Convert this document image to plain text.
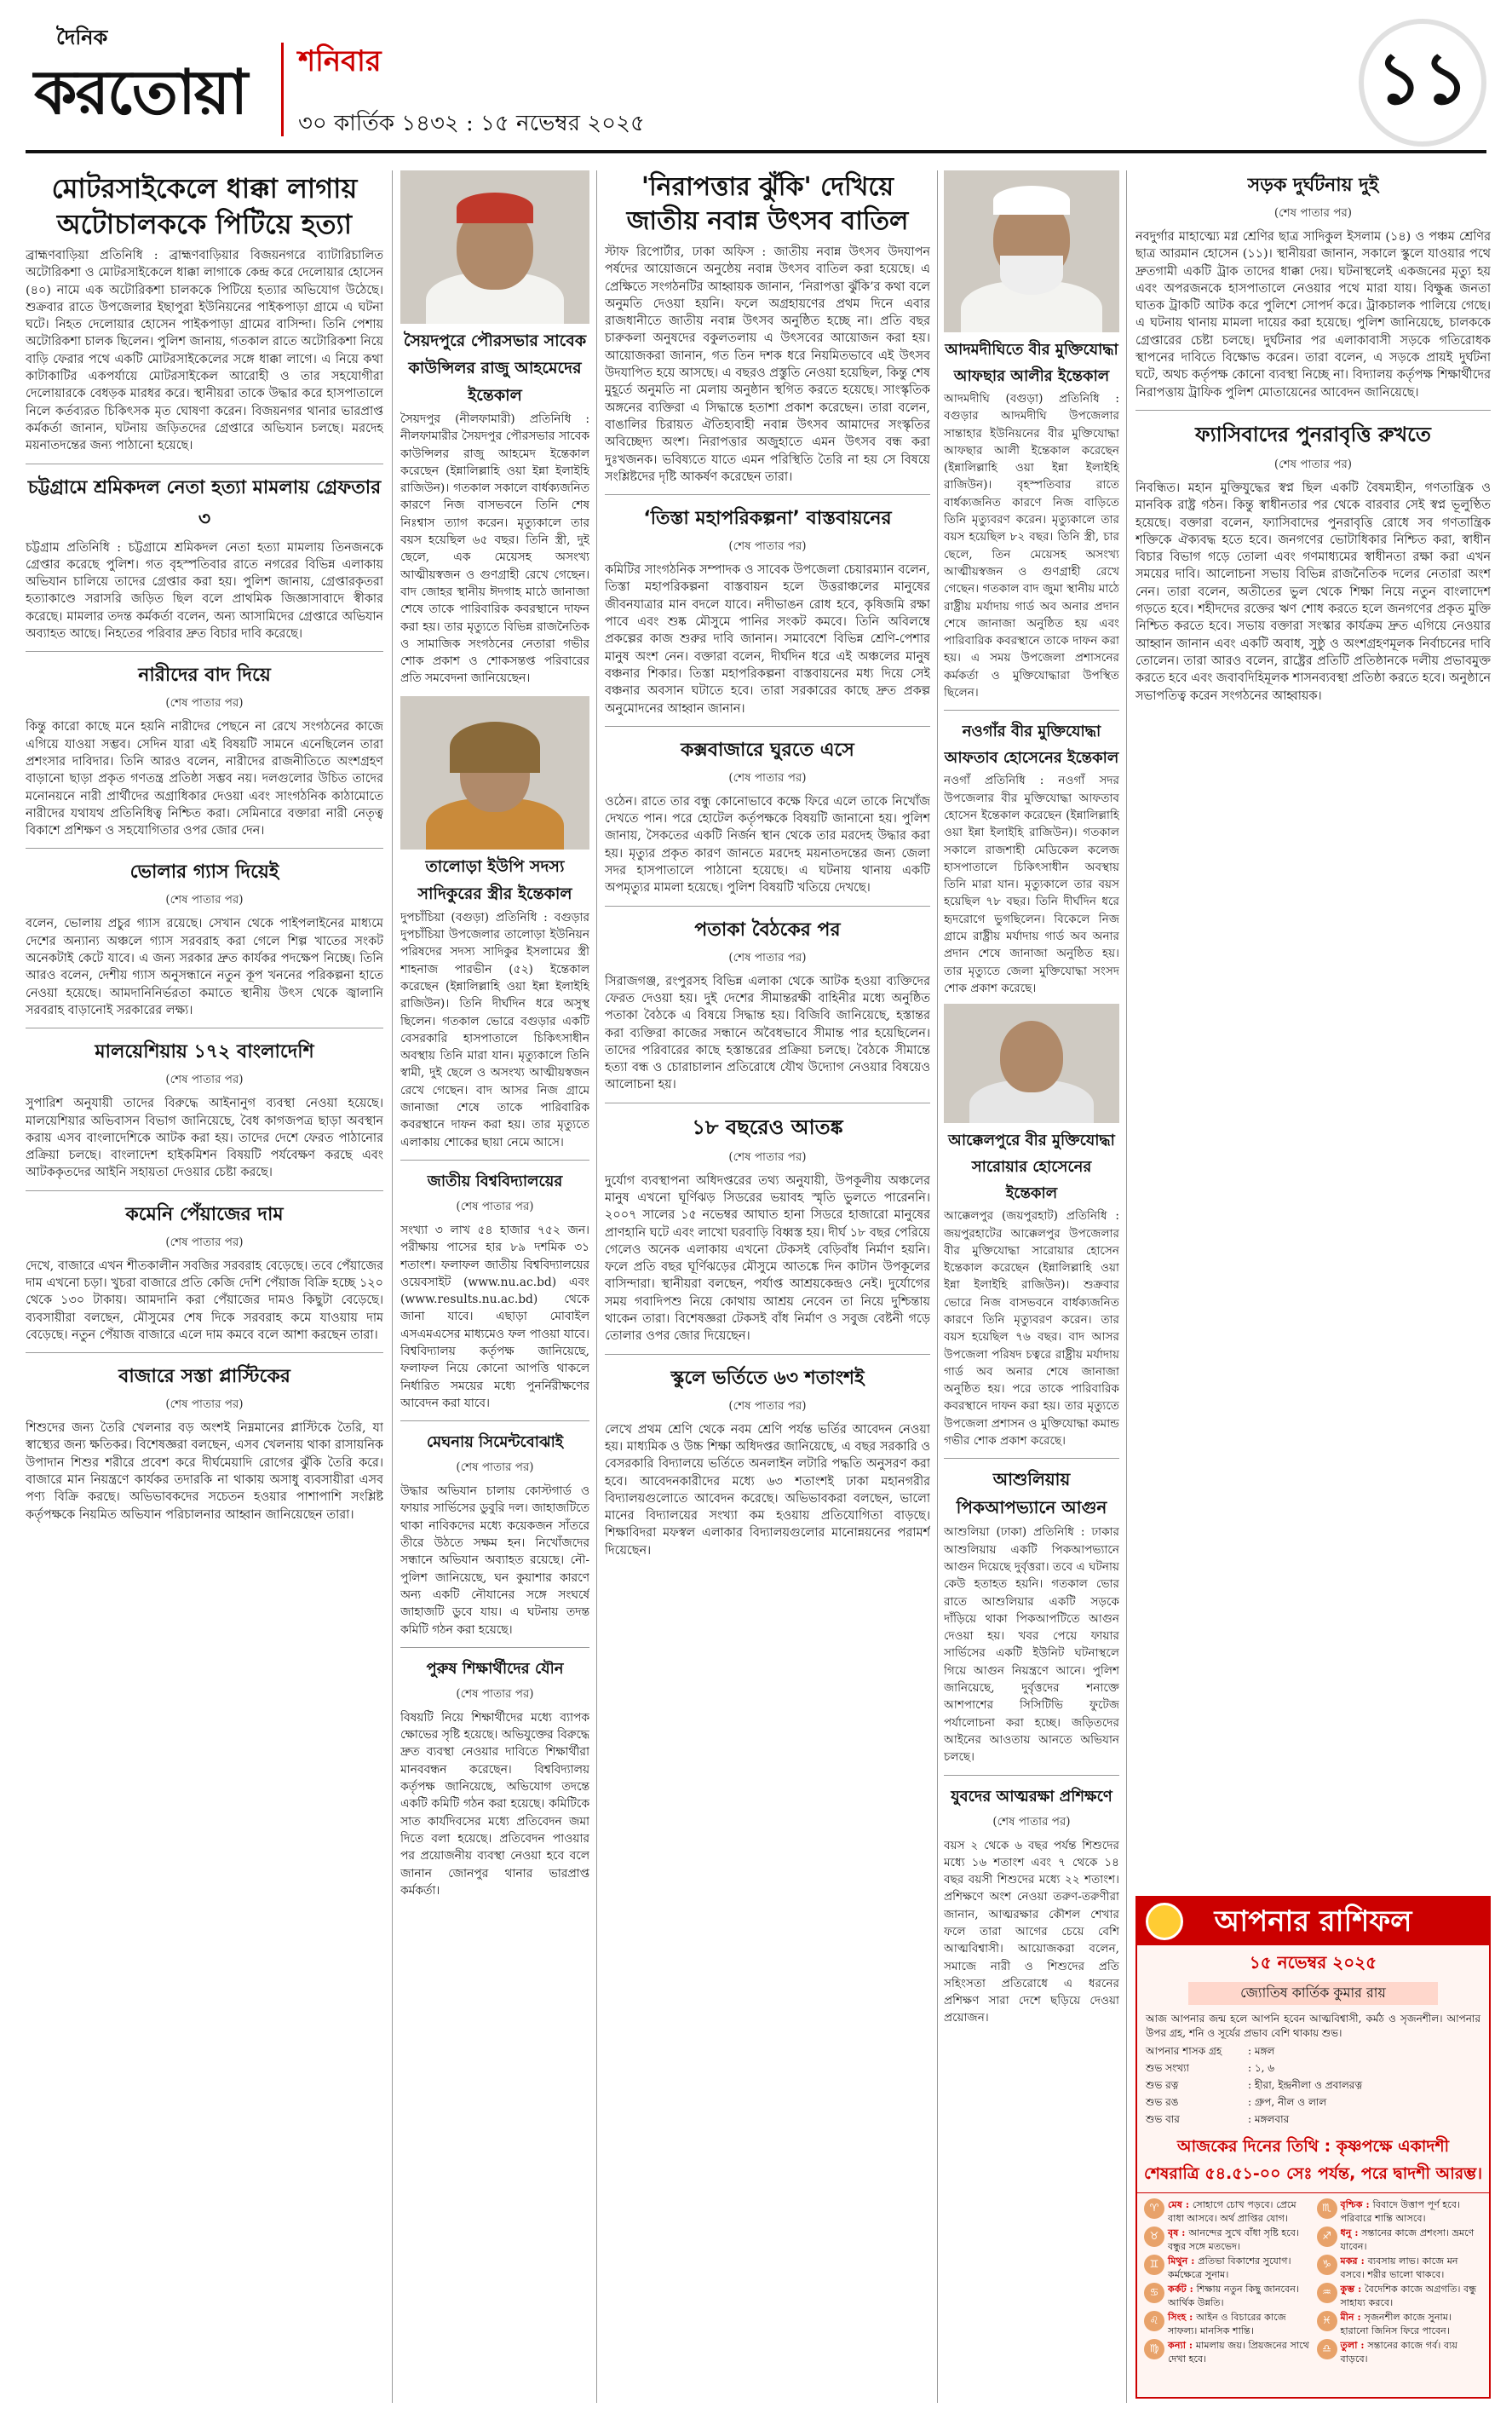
দৈনিক
করতোয়া শনিবার
৩০ কার্তিক ১৪৩২ : ১৫ নভেম্বর ২০২৫
১১
মোটরসাইকেলে ধাক্কা লাগায় অটোচালককে পিটিয়ে হত্যা
ব্রাহ্মণবাড়িয়া প্রতিনিধি : ব্রাহ্মণবাড়িয়ার বিজয়নগরে ব্যাটারিচালিত অটোরিকশা ও মোটরসাইকেলে ধাক্কা লাগাকে কেন্দ্র করে দেলোয়ার হোসেন (৪০) নামে এক অটোরিকশা চালককে পিটিয়ে হত্যার অভিযোগ উঠেছে। শুক্রবার রাতে উপজেলার ইছাপুরা ইউনিয়নের পাইকপাড়া গ্রামে এ ঘটনা ঘটে। নিহত দেলোয়ার হোসেন পাইকপাড়া গ্রামের বাসিন্দা। তিনি পেশায় অটোরিকশা চালক ছিলেন। পুলিশ জানায়, গতকাল রাতে অটোরিকশা নিয়ে বাড়ি ফেরার পথে একটি মোটরসাইকেলের সঙ্গে ধাক্কা লাগে। এ নিয়ে কথা কাটাকাটির একপর্যায়ে মোটরসাইকেল আরোহী ও তার সহযোগীরা দেলোয়ারকে বেধড়ক মারধর করে। স্থানীয়রা তাকে উদ্ধার করে হাসপাতালে নিলে কর্তব্যরত চিকিৎসক মৃত ঘোষণা করেন। বিজয়নগর থানার ভারপ্রাপ্ত কর্মকর্তা জানান, ঘটনায় জড়িতদের গ্রেপ্তারে অভিযান চলছে। মরদেহ ময়নাতদন্তের জন্য পাঠানো হয়েছে।
চট্টগ্রামে শ্রমিকদল নেতা হত্যা মামলায় গ্রেফতার ৩
চট্টগ্রাম প্রতিনিধি : চট্টগ্রামে শ্রমিকদল নেতা হত্যা মামলায় তিনজনকে গ্রেপ্তার করেছে পুলিশ। গত বৃহস্পতিবার রাতে নগরের বিভিন্ন এলাকায় অভিযান চালিয়ে তাদের গ্রেপ্তার করা হয়। পুলিশ জানায়, গ্রেপ্তারকৃতরা হত্যাকাণ্ডে সরাসরি জড়িত ছিল বলে প্রাথমিক জিজ্ঞাসাবাদে স্বীকার করেছে। মামলার তদন্ত কর্মকর্তা বলেন, অন্য আসামিদের গ্রেপ্তারে অভিযান অব্যাহত আছে। নিহতের পরিবার দ্রুত বিচার দাবি করেছে।
নারীদের বাদ দিয়ে
(শেষ পাতার পর)
কিন্তু কারো কাছে মনে হয়নি নারীদের পেছনে না রেখে সংগঠনের কাজে এগিয়ে যাওয়া সম্ভব। সেদিন যারা এই বিষয়টি সামনে এনেছিলেন তারা প্রশংসার দাবিদার। তিনি আরও বলেন, নারীদের রাজনীতিতে অংশগ্রহণ বাড়ানো ছাড়া প্রকৃত গণতন্ত্র প্রতিষ্ঠা সম্ভব নয়। দলগুলোর উচিত তাদের মনোনয়নে নারী প্রার্থীদের অগ্রাধিকার দেওয়া এবং সাংগঠনিক কাঠামোতে নারীদের যথাযথ প্রতিনিধিত্ব নিশ্চিত করা। সেমিনারে বক্তারা নারী নেতৃত্ব বিকাশে প্রশিক্ষণ ও সহযোগিতার ওপর জোর দেন।
ভোলার গ্যাস দিয়েই
(শেষ পাতার পর)
বলেন, ভোলায় প্রচুর গ্যাস রয়েছে। সেখান থেকে পাইপলাইনের মাধ্যমে দেশের অন্যান্য অঞ্চলে গ্যাস সরবরাহ করা গেলে শিল্প খাতের সংকট অনেকটাই কেটে যাবে। এ জন্য সরকার দ্রুত কার্যকর পদক্ষেপ নিচ্ছে। তিনি আরও বলেন, দেশীয় গ্যাস অনুসন্ধানে নতুন কূপ খননের পরিকল্পনা হাতে নেওয়া হয়েছে। আমদানিনির্ভরতা কমাতে স্থানীয় উৎস থেকে জ্বালানি সরবরাহ বাড়ানোই সরকারের লক্ষ্য।
মালয়েশিয়ায় ১৭২ বাংলাদেশি
(শেষ পাতার পর)
সুপারিশ অনুযায়ী তাদের বিরুদ্ধে আইনানুগ ব্যবস্থা নেওয়া হয়েছে। মালয়েশিয়ার অভিবাসন বিভাগ জানিয়েছে, বৈধ কাগজপত্র ছাড়া অবস্থান করায় এসব বাংলাদেশিকে আটক করা হয়। তাদের দেশে ফেরত পাঠানোর প্রক্রিয়া চলছে। বাংলাদেশ হাইকমিশন বিষয়টি পর্যবেক্ষণ করছে এবং আটককৃতদের আইনি সহায়তা দেওয়ার চেষ্টা করছে।
কমেনি পেঁয়াজের দাম
(শেষ পাতার পর)
দেখে, বাজারে এখন শীতকালীন সবজির সরবরাহ বেড়েছে। তবে পেঁয়াজের দাম এখনো চড়া। খুচরা বাজারে প্রতি কেজি দেশি পেঁয়াজ বিক্রি হচ্ছে ১২০ থেকে ১৩০ টাকায়। আমদানি করা পেঁয়াজের দামও কিছুটা বেড়েছে। ব্যবসায়ীরা বলছেন, মৌসুমের শেষ দিকে সরবরাহ কমে যাওয়ায় দাম বেড়েছে। নতুন পেঁয়াজ বাজারে এলে দাম কমবে বলে আশা করছেন তারা।
বাজারে সস্তা প্লাস্টিকের
(শেষ পাতার পর)
শিশুদের জন্য তৈরি খেলনার বড় অংশই নিম্নমানের প্লাস্টিকে তৈরি, যা স্বাস্থ্যের জন্য ক্ষতিকর। বিশেষজ্ঞরা বলছেন, এসব খেলনায় থাকা রাসায়নিক উপাদান শিশুর শরীরে প্রবেশ করে দীর্ঘমেয়াদি রোগের ঝুঁকি তৈরি করে। বাজারে মান নিয়ন্ত্রণে কার্যকর তদারকি না থাকায় অসাধু ব্যবসায়ীরা এসব পণ্য বিক্রি করছে। অভিভাবকদের সচেতন হওয়ার পাশাপাশি সংশ্লিষ্ট কর্তৃপক্ষকে নিয়মিত অভিযান পরিচালনার আহ্বান জানিয়েছেন তারা।
সৈয়দপুরে পৌরসভার সাবেক কাউন্সিলর রাজু আহমেদের ইন্তেকাল
সৈয়দপুর (নীলফামারী) প্রতিনিধি : নীলফামারীর সৈয়দপুর পৌরসভার সাবেক কাউন্সিলর রাজু আহমেদ ইন্তেকাল করেছেন (ইন্নালিল্লাহি ওয়া ইন্না ইলাইহি রাজিউন)। গতকাল সকালে বার্ধক্যজনিত কারণে নিজ বাসভবনে তিনি শেষ নিঃশ্বাস ত্যাগ করেন। মৃত্যুকালে তার বয়স হয়েছিল ৬৫ বছর। তিনি স্ত্রী, দুই ছেলে, এক মেয়েসহ অসংখ্য আত্মীয়স্বজন ও গুণগ্রাহী রেখে গেছেন। বাদ জোহর স্থানীয় ঈদগাহ মাঠে জানাজা শেষে তাকে পারিবারিক কবরস্থানে দাফন করা হয়। তার মৃত্যুতে বিভিন্ন রাজনৈতিক ও সামাজিক সংগঠনের নেতারা গভীর শোক প্রকাশ ও শোকসন্তপ্ত পরিবারের প্রতি সমবেদনা জানিয়েছেন।
তালোড়া ইউপি সদস্য সাদিকুরের স্ত্রীর ইন্তেকাল
দুপচাঁচিয়া (বগুড়া) প্রতিনিধি : বগুড়ার দুপচাঁচিয়া উপজেলার তালোড়া ইউনিয়ন পরিষদের সদস্য সাদিকুর ইসলামের স্ত্রী শাহনাজ পারভীন (৫২) ইন্তেকাল করেছেন (ইন্নালিল্লাহি ওয়া ইন্না ইলাইহি রাজিউন)। তিনি দীর্ঘদিন ধরে অসুস্থ ছিলেন। গতকাল ভোরে বগুড়ার একটি বেসরকারি হাসপাতালে চিকিৎসাধীন অবস্থায় তিনি মারা যান। মৃত্যুকালে তিনি স্বামী, দুই ছেলে ও অসংখ্য আত্মীয়স্বজন রেখে গেছেন। বাদ আসর নিজ গ্রামে জানাজা শেষে তাকে পারিবারিক কবরস্থানে দাফন করা হয়। তার মৃত্যুতে এলাকায় শোকের ছায়া নেমে আসে।
জাতীয় বিশ্ববিদ্যালয়ের
(শেষ পাতার পর)
সংখ্যা ৩ লাখ ৫৪ হাজার ৭৫২ জন। পরীক্ষায় পাসের হার ৮৯ দশমিক ৩১ শতাংশ। ফলাফল জাতীয় বিশ্ববিদ্যালয়ের ওয়েবসাইট (www.nu.ac.bd) এবং (www.results.nu.ac.bd) থেকে জানা যাবে। এছাড়া মোবাইল এসএমএসের মাধ্যমেও ফল পাওয়া যাবে। বিশ্ববিদ্যালয় কর্তৃপক্ষ জানিয়েছে, ফলাফল নিয়ে কোনো আপত্তি থাকলে নির্ধারিত সময়ের মধ্যে পুনর্নিরীক্ষণের আবেদন করা যাবে।
মেঘনায় সিমেন্টবোঝাই
(শেষ পাতার পর)
উদ্ধার অভিযান চালায় কোস্টগার্ড ও ফায়ার সার্ভিসের ডুবুরি দল। জাহাজটিতে থাকা নাবিকদের মধ্যে কয়েকজন সাঁতরে তীরে উঠতে সক্ষম হন। নিখোঁজদের সন্ধানে অভিযান অব্যাহত রয়েছে। নৌ-পুলিশ জানিয়েছে, ঘন কুয়াশার কারণে অন্য একটি নৌযানের সঙ্গে সংঘর্ষে জাহাজটি ডুবে যায়। এ ঘটনায় তদন্ত কমিটি গঠন করা হয়েছে।
পুরুষ শিক্ষার্থীদের যৌন
(শেষ পাতার পর)
বিষয়টি নিয়ে শিক্ষার্থীদের মধ্যে ব্যাপক ক্ষোভের সৃষ্টি হয়েছে। অভিযুক্তের বিরুদ্ধে দ্রুত ব্যবস্থা নেওয়ার দাবিতে শিক্ষার্থীরা মানববন্ধন করেছেন। বিশ্ববিদ্যালয় কর্তৃপক্ষ জানিয়েছে, অভিযোগ তদন্তে একটি কমিটি গঠন করা হয়েছে। কমিটিকে সাত কার্যদিবসের মধ্যে প্রতিবেদন জমা দিতে বলা হয়েছে। প্রতিবেদন পাওয়ার পর প্রয়োজনীয় ব্যবস্থা নেওয়া হবে বলে জানান জোনপুর থানার ভারপ্রাপ্ত কর্মকর্তা।
'নিরাপত্তার ঝুঁকি' দেখিয়ে জাতীয় নবান্ন উৎসব বাতিল
স্টাফ রিপোর্টার, ঢাকা অফিস : জাতীয় নবান্ন উৎসব উদযাপন পর্ষদের আয়োজনে অনুষ্ঠেয় নবান্ন উৎসব বাতিল করা হয়েছে। এ প্রেক্ষিতে সংগঠনটির আহ্বায়ক জানান, ‘নিরাপত্তা ঝুঁকি’র কথা বলে অনুমতি দেওয়া হয়নি। ফলে অগ্রহায়ণের প্রথম দিনে এবার রাজধানীতে জাতীয় নবান্ন উৎসব অনুষ্ঠিত হচ্ছে না। প্রতি বছর চারুকলা অনুষদের বকুলতলায় এ উৎসবের আয়োজন করা হয়। আয়োজকরা জানান, গত তিন দশক ধরে নিয়মিতভাবে এই উৎসব উদযাপিত হয়ে আসছে। এ বছরও প্রস্তুতি নেওয়া হয়েছিল, কিন্তু শেষ মুহূর্তে অনুমতি না মেলায় অনুষ্ঠান স্থগিত করতে হয়েছে। সাংস্কৃতিক অঙ্গনের ব্যক্তিরা এ সিদ্ধান্তে হতাশা প্রকাশ করেছেন। তারা বলেন, বাঙালির চিরায়ত ঐতিহ্যবাহী নবান্ন উৎসব আমাদের সংস্কৃতির অবিচ্ছেদ্য অংশ। নিরাপত্তার অজুহাতে এমন উৎসব বন্ধ করা দুঃখজনক। ভবিষ্যতে যাতে এমন পরিস্থিতি তৈরি না হয় সে বিষয়ে সংশ্লিষ্টদের দৃষ্টি আকর্ষণ করেছেন তারা।
‘তিস্তা মহাপরিকল্পনা’ বাস্তবায়নের
(শেষ পাতার পর)
কমিটির সাংগঠনিক সম্পাদক ও সাবেক উপজেলা চেয়ারম্যান বলেন, তিস্তা মহাপরিকল্পনা বাস্তবায়ন হলে উত্তরাঞ্চলের মানুষের জীবনযাত্রার মান বদলে যাবে। নদীভাঙন রোধ হবে, কৃষিজমি রক্ষা পাবে এবং শুষ্ক মৌসুমে পানির সংকট কমবে। তিনি অবিলম্বে প্রকল্পের কাজ শুরুর দাবি জানান। সমাবেশে বিভিন্ন শ্রেণি-পেশার মানুষ অংশ নেন। বক্তারা বলেন, দীর্ঘদিন ধরে এই অঞ্চলের মানুষ বঞ্চনার শিকার। তিস্তা মহাপরিকল্পনা বাস্তবায়নের মধ্য দিয়ে সেই বঞ্চনার অবসান ঘটাতে হবে। তারা সরকারের কাছে দ্রুত প্রকল্প অনুমোদনের আহ্বান জানান।
কক্সবাজারে ঘুরতে এসে
(শেষ পাতার পর)
ওঠেন। রাতে তার বন্ধু কোনোভাবে কক্ষে ফিরে এলে তাকে নিখোঁজ দেখতে পান। পরে হোটেল কর্তৃপক্ষকে বিষয়টি জানানো হয়। পুলিশ জানায়, সৈকতের একটি নির্জন স্থান থেকে তার মরদেহ উদ্ধার করা হয়। মৃত্যুর প্রকৃত কারণ জানতে মরদেহ ময়নাতদন্তের জন্য জেলা সদর হাসপাতালে পাঠানো হয়েছে। এ ঘটনায় থানায় একটি অপমৃত্যুর মামলা হয়েছে। পুলিশ বিষয়টি খতিয়ে দেখছে।
পতাকা বৈঠকের পর
(শেষ পাতার পর)
সিরাজগঞ্জ, রংপুরসহ বিভিন্ন এলাকা থেকে আটক হওয়া ব্যক্তিদের ফেরত দেওয়া হয়। দুই দেশের সীমান্তরক্ষী বাহিনীর মধ্যে অনুষ্ঠিত পতাকা বৈঠকে এ বিষয়ে সিদ্ধান্ত হয়। বিজিবি জানিয়েছে, হস্তান্তর করা ব্যক্তিরা কাজের সন্ধানে অবৈধভাবে সীমান্ত পার হয়েছিলেন। তাদের পরিবারের কাছে হস্তান্তরের প্রক্রিয়া চলছে। বৈঠকে সীমান্তে হত্যা বন্ধ ও চোরাচালান প্রতিরোধে যৌথ উদ্যোগ নেওয়ার বিষয়েও আলোচনা হয়।
১৮ বছরেও আতঙ্ক
(শেষ পাতার পর)
দুর্যোগ ব্যবস্থাপনা অধিদপ্তরের তথ্য অনুযায়ী, উপকূলীয় অঞ্চলের মানুষ এখনো ঘূর্ণিঝড় সিডরের ভয়াবহ স্মৃতি ভুলতে পারেননি। ২০০৭ সালের ১৫ নভেম্বর আঘাত হানা সিডরে হাজারো মানুষের প্রাণহানি ঘটে এবং লাখো ঘরবাড়ি বিধ্বস্ত হয়। দীর্ঘ ১৮ বছর পেরিয়ে গেলেও অনেক এলাকায় এখনো টেকসই বেড়িবাঁধ নির্মাণ হয়নি। ফলে প্রতি বছর ঘূর্ণিঝড়ের মৌসুমে আতঙ্কে দিন কাটান উপকূলের বাসিন্দারা। স্থানীয়রা বলছেন, পর্যাপ্ত আশ্রয়কেন্দ্রও নেই। দুর্যোগের সময় গবাদিপশু নিয়ে কোথায় আশ্রয় নেবেন তা নিয়ে দুশ্চিন্তায় থাকেন তারা। বিশেষজ্ঞরা টেকসই বাঁধ নির্মাণ ও সবুজ বেষ্টনী গড়ে তোলার ওপর জোর দিয়েছেন।
স্কুলে ভর্তিতে ৬৩ শতাংশই
(শেষ পাতার পর)
লেখে প্রথম শ্রেণি থেকে নবম শ্রেণি পর্যন্ত ভর্তির আবেদন নেওয়া হয়। মাধ্যমিক ও উচ্চ শিক্ষা অধিদপ্তর জানিয়েছে, এ বছর সরকারি ও বেসরকারি বিদ্যালয়ে ভর্তিতে অনলাইন লটারি পদ্ধতি অনুসরণ করা হবে। আবেদনকারীদের মধ্যে ৬৩ শতাংশই ঢাকা মহানগরীর বিদ্যালয়গুলোতে আবেদন করেছে। অভিভাবকরা বলছেন, ভালো মানের বিদ্যালয়ের সংখ্যা কম হওয়ায় প্রতিযোগিতা বাড়ছে। শিক্ষাবিদরা মফস্বল এলাকার বিদ্যালয়গুলোর মানোন্নয়নের পরামর্শ দিয়েছেন।
আদমদীঘিতে বীর মুক্তিযোদ্ধা আফছার আলীর ইন্তেকাল
আদমদীঘি (বগুড়া) প্রতিনিধি : বগুড়ার আদমদীঘি উপজেলার সান্তাহার ইউনিয়নের বীর মুক্তিযোদ্ধা আফছার আলী ইন্তেকাল করেছেন (ইন্নালিল্লাহি ওয়া ইন্না ইলাইহি রাজিউন)। বৃহস্পতিবার রাতে বার্ধক্যজনিত কারণে নিজ বাড়িতে তিনি মৃত্যুবরণ করেন। মৃত্যুকালে তার বয়স হয়েছিল ৮২ বছর। তিনি স্ত্রী, চার ছেলে, তিন মেয়েসহ অসংখ্য আত্মীয়স্বজন ও গুণগ্রাহী রেখে গেছেন। গতকাল বাদ জুমা স্থানীয় মাঠে রাষ্ট্রীয় মর্যাদায় গার্ড অব অনার প্রদান শেষে জানাজা অনুষ্ঠিত হয় এবং পারিবারিক কবরস্থানে তাকে দাফন করা হয়। এ সময় উপজেলা প্রশাসনের কর্মকর্তা ও মুক্তিযোদ্ধারা উপস্থিত ছিলেন।
নওগাঁর বীর মুক্তিযোদ্ধা আফতাব হোসেনের ইন্তেকাল
নওগাঁ প্রতিনিধি : নওগাঁ সদর উপজেলার বীর মুক্তিযোদ্ধা আফতাব হোসেন ইন্তেকাল করেছেন (ইন্নালিল্লাহি ওয়া ইন্না ইলাইহি রাজিউন)। গতকাল সকালে রাজশাহী মেডিকেল কলেজ হাসপাতালে চিকিৎসাধীন অবস্থায় তিনি মারা যান। মৃত্যুকালে তার বয়স হয়েছিল ৭৮ বছর। তিনি দীর্ঘদিন ধরে হৃদরোগে ভুগছিলেন। বিকেলে নিজ গ্রামে রাষ্ট্রীয় মর্যাদায় গার্ড অব অনার প্রদান শেষে জানাজা অনুষ্ঠিত হয়। তার মৃত্যুতে জেলা মুক্তিযোদ্ধা সংসদ শোক প্রকাশ করেছে।
আক্কেলপুরে বীর মুক্তিযোদ্ধা সারোয়ার হোসেনের ইন্তেকাল
আক্কেলপুর (জয়পুরহাট) প্রতিনিধি : জয়পুরহাটের আক্কেলপুর উপজেলার বীর মুক্তিযোদ্ধা সারোয়ার হোসেন ইন্তেকাল করেছেন (ইন্নালিল্লাহি ওয়া ইন্না ইলাইহি রাজিউন)। শুক্রবার ভোরে নিজ বাসভবনে বার্ধক্যজনিত কারণে তিনি মৃত্যুবরণ করেন। তার বয়স হয়েছিল ৭৬ বছর। বাদ আসর উপজেলা পরিষদ চত্বরে রাষ্ট্রীয় মর্যাদায় গার্ড অব অনার শেষে জানাজা অনুষ্ঠিত হয়। পরে তাকে পারিবারিক কবরস্থানে দাফন করা হয়। তার মৃত্যুতে উপজেলা প্রশাসন ও মুক্তিযোদ্ধা কমান্ড গভীর শোক প্রকাশ করেছে।
আশুলিয়ায় পিকআপভ্যানে আগুন
আশুলিয়া (ঢাকা) প্রতিনিধি : ঢাকার আশুলিয়ায় একটি পিকআপভ্যানে আগুন দিয়েছে দুর্বৃত্তরা। তবে এ ঘটনায় কেউ হতাহত হয়নি। গতকাল ভোর রাতে আশুলিয়ার একটি সড়কে দাঁড়িয়ে থাকা পিকআপটিতে আগুন দেওয়া হয়। খবর পেয়ে ফায়ার সার্ভিসের একটি ইউনিট ঘটনাস্থলে গিয়ে আগুন নিয়ন্ত্রণে আনে। পুলিশ জানিয়েছে, দুর্বৃত্তদের শনাক্তে আশপাশের সিসিটিভি ফুটেজ পর্যালোচনা করা হচ্ছে। জড়িতদের আইনের আওতায় আনতে অভিযান চলছে।
যুবদের আত্মরক্ষা প্রশিক্ষণে
(শেষ পাতার পর)
বয়স ২ থেকে ৬ বছর পর্যন্ত শিশুদের মধ্যে ১৬ শতাংশ এবং ৭ থেকে ১৪ বছর বয়সী শিশুদের মধ্যে ২২ শতাংশ। প্রশিক্ষণে অংশ নেওয়া তরুণ-তরুণীরা জানান, আত্মরক্ষার কৌশল শেখার ফলে তারা আগের চেয়ে বেশি আত্মবিশ্বাসী। আয়োজকরা বলেন, সমাজে নারী ও শিশুদের প্রতি সহিংসতা প্রতিরোধে এ ধরনের প্রশিক্ষণ সারা দেশে ছড়িয়ে দেওয়া প্রয়োজন।
সড়ক দুর্ঘটনায় দুই
(শেষ পাতার পর)
নবদুর্গার মাহাত্ম্যে মগ্ন শ্রেণির ছাত্র সাদিকুল ইসলাম (১৪) ও পঞ্চম শ্রেণির ছাত্র আরমান হোসেন (১১)। স্থানীয়রা জানান, সকালে স্কুলে যাওয়ার পথে দ্রুতগামী একটি ট্রাক তাদের ধাক্কা দেয়। ঘটনাস্থলেই একজনের মৃত্যু হয় এবং অপরজনকে হাসপাতালে নেওয়ার পথে মারা যায়। বিক্ষুব্ধ জনতা ঘাতক ট্রাকটি আটক করে পুলিশে সোপর্দ করে। ট্রাকচালক পালিয়ে গেছে। এ ঘটনায় থানায় মামলা দায়ের করা হয়েছে। পুলিশ জানিয়েছে, চালককে গ্রেপ্তারের চেষ্টা চলছে। দুর্ঘটনার পর এলাকাবাসী সড়কে গতিরোধক স্থাপনের দাবিতে বিক্ষোভ করেন। তারা বলেন, এ সড়কে প্রায়ই দুর্ঘটনা ঘটে, অথচ কর্তৃপক্ষ কোনো ব্যবস্থা নিচ্ছে না। বিদ্যালয় কর্তৃপক্ষ শিক্ষার্থীদের নিরাপত্তায় ট্রাফিক পুলিশ মোতায়েনের আবেদন জানিয়েছে।
ফ্যাসিবাদের পুনরাবৃত্তি রুখতে
(শেষ পাতার পর)
নিবন্ধিত। মহান মুক্তিযুদ্ধের স্বপ্ন ছিল একটি বৈষম্যহীন, গণতান্ত্রিক ও মানবিক রাষ্ট্র গঠন। কিন্তু স্বাধীনতার পর থেকে বারবার সেই স্বপ্ন ভূলুণ্ঠিত হয়েছে। বক্তারা বলেন, ফ্যাসিবাদের পুনরাবৃত্তি রোধে সব গণতান্ত্রিক শক্তিকে ঐক্যবদ্ধ হতে হবে। জনগণের ভোটাধিকার নিশ্চিত করা, স্বাধীন বিচার বিভাগ গড়ে তোলা এবং গণমাধ্যমের স্বাধীনতা রক্ষা করা এখন সময়ের দাবি। আলোচনা সভায় বিভিন্ন রাজনৈতিক দলের নেতারা অংশ নেন। তারা বলেন, অতীতের ভুল থেকে শিক্ষা নিয়ে নতুন বাংলাদেশ গড়তে হবে। শহীদদের রক্তের ঋণ শোধ করতে হলে জনগণের প্রকৃত মুক্তি নিশ্চিত করতে হবে। সভায় বক্তারা সংস্কার কার্যক্রম দ্রুত এগিয়ে নেওয়ার আহ্বান জানান এবং একটি অবাধ, সুষ্ঠু ও অংশগ্রহণমূলক নির্বাচনের দাবি তোলেন। তারা আরও বলেন, রাষ্ট্রের প্রতিটি প্রতিষ্ঠানকে দলীয় প্রভাবমুক্ত করতে হবে এবং জবাবদিহিমূলক শাসনব্যবস্থা প্রতিষ্ঠা করতে হবে। অনুষ্ঠানে সভাপতিত্ব করেন সংগঠনের আহ্বায়ক।
আপনার রাশিফল
১৫ নভেম্বর ২০২৫
জ্যোতিষ কার্তিক কুমার রায়
আজ আপনার জন্ম হলে আপনি হবেন আত্মবিশ্বাসী, কর্মঠ ও সৃজনশীল। আপনার উপর গ্রহ, শনি ও সূর্যের প্রভাব বেশি থাকায় শুভ।
আপনার শাসক গ্রহ	: মঙ্গল
শুভ সংখ্যা	: ১, ৬
শুভ রত্ন	: হীরা, ইন্দ্রনীলা ও প্রবালরত্ন
শুভ রঙ	: গ্রুপ, নীল ও লাল
শুভ বার	: মঙ্গলবার
আজকের দিনের তিথি : কৃষ্ণপক্ষে একাদশী
শেষরাত্রি ৫৪.৫১-০০ সেঃ পর্যন্ত, পরে দ্বাদশী আরম্ভ।
♈ মেষ : সোহাগে চোখ পড়বে। প্রেমে বাধা আসবে। অর্থ প্রাপ্তির যোগ।
♏ বৃশ্চিক : বিবাদে উত্তাপ পূর্ণ হবে। পরিবারে শান্তি আসবে।
♉ বৃষ : আনন্দের সুখে বাঁধা সৃষ্টি হবে। বন্ধুর সঙ্গে মতভেদ।
♐ ধনু : সন্তানের কাজে প্রশংসা। ভ্রমণে যাবেন।
♊ মিথুন : প্রতিভা বিকাশের সুযোগ। কর্মক্ষেত্রে সুনাম।
♑ মকর : ব্যবসায় লাভ। কাজে মন বসবে। শরীর ভালো থাকবে।
♋ কর্কট : শিক্ষায় নতুন কিছু জানবেন। আর্থিক উন্নতি।
♒ কুম্ভ : বৈদেশিক কাজে অগ্রগতি। বন্ধু সাহায্য করবে।
♌ সিংহ : আইন ও বিচারের কাজে সাফল্য। মানসিক শান্তি।
♓ মীন : সৃজনশীল কাজে সুনাম। হারানো জিনিস ফিরে পাবেন।
♍ কন্যা : মামলায় জয়। প্রিয়জনের সাথে দেখা হবে।
♎ তুলা : সন্তানের কাজে গর্ব। ব্যয় বাড়বে।
